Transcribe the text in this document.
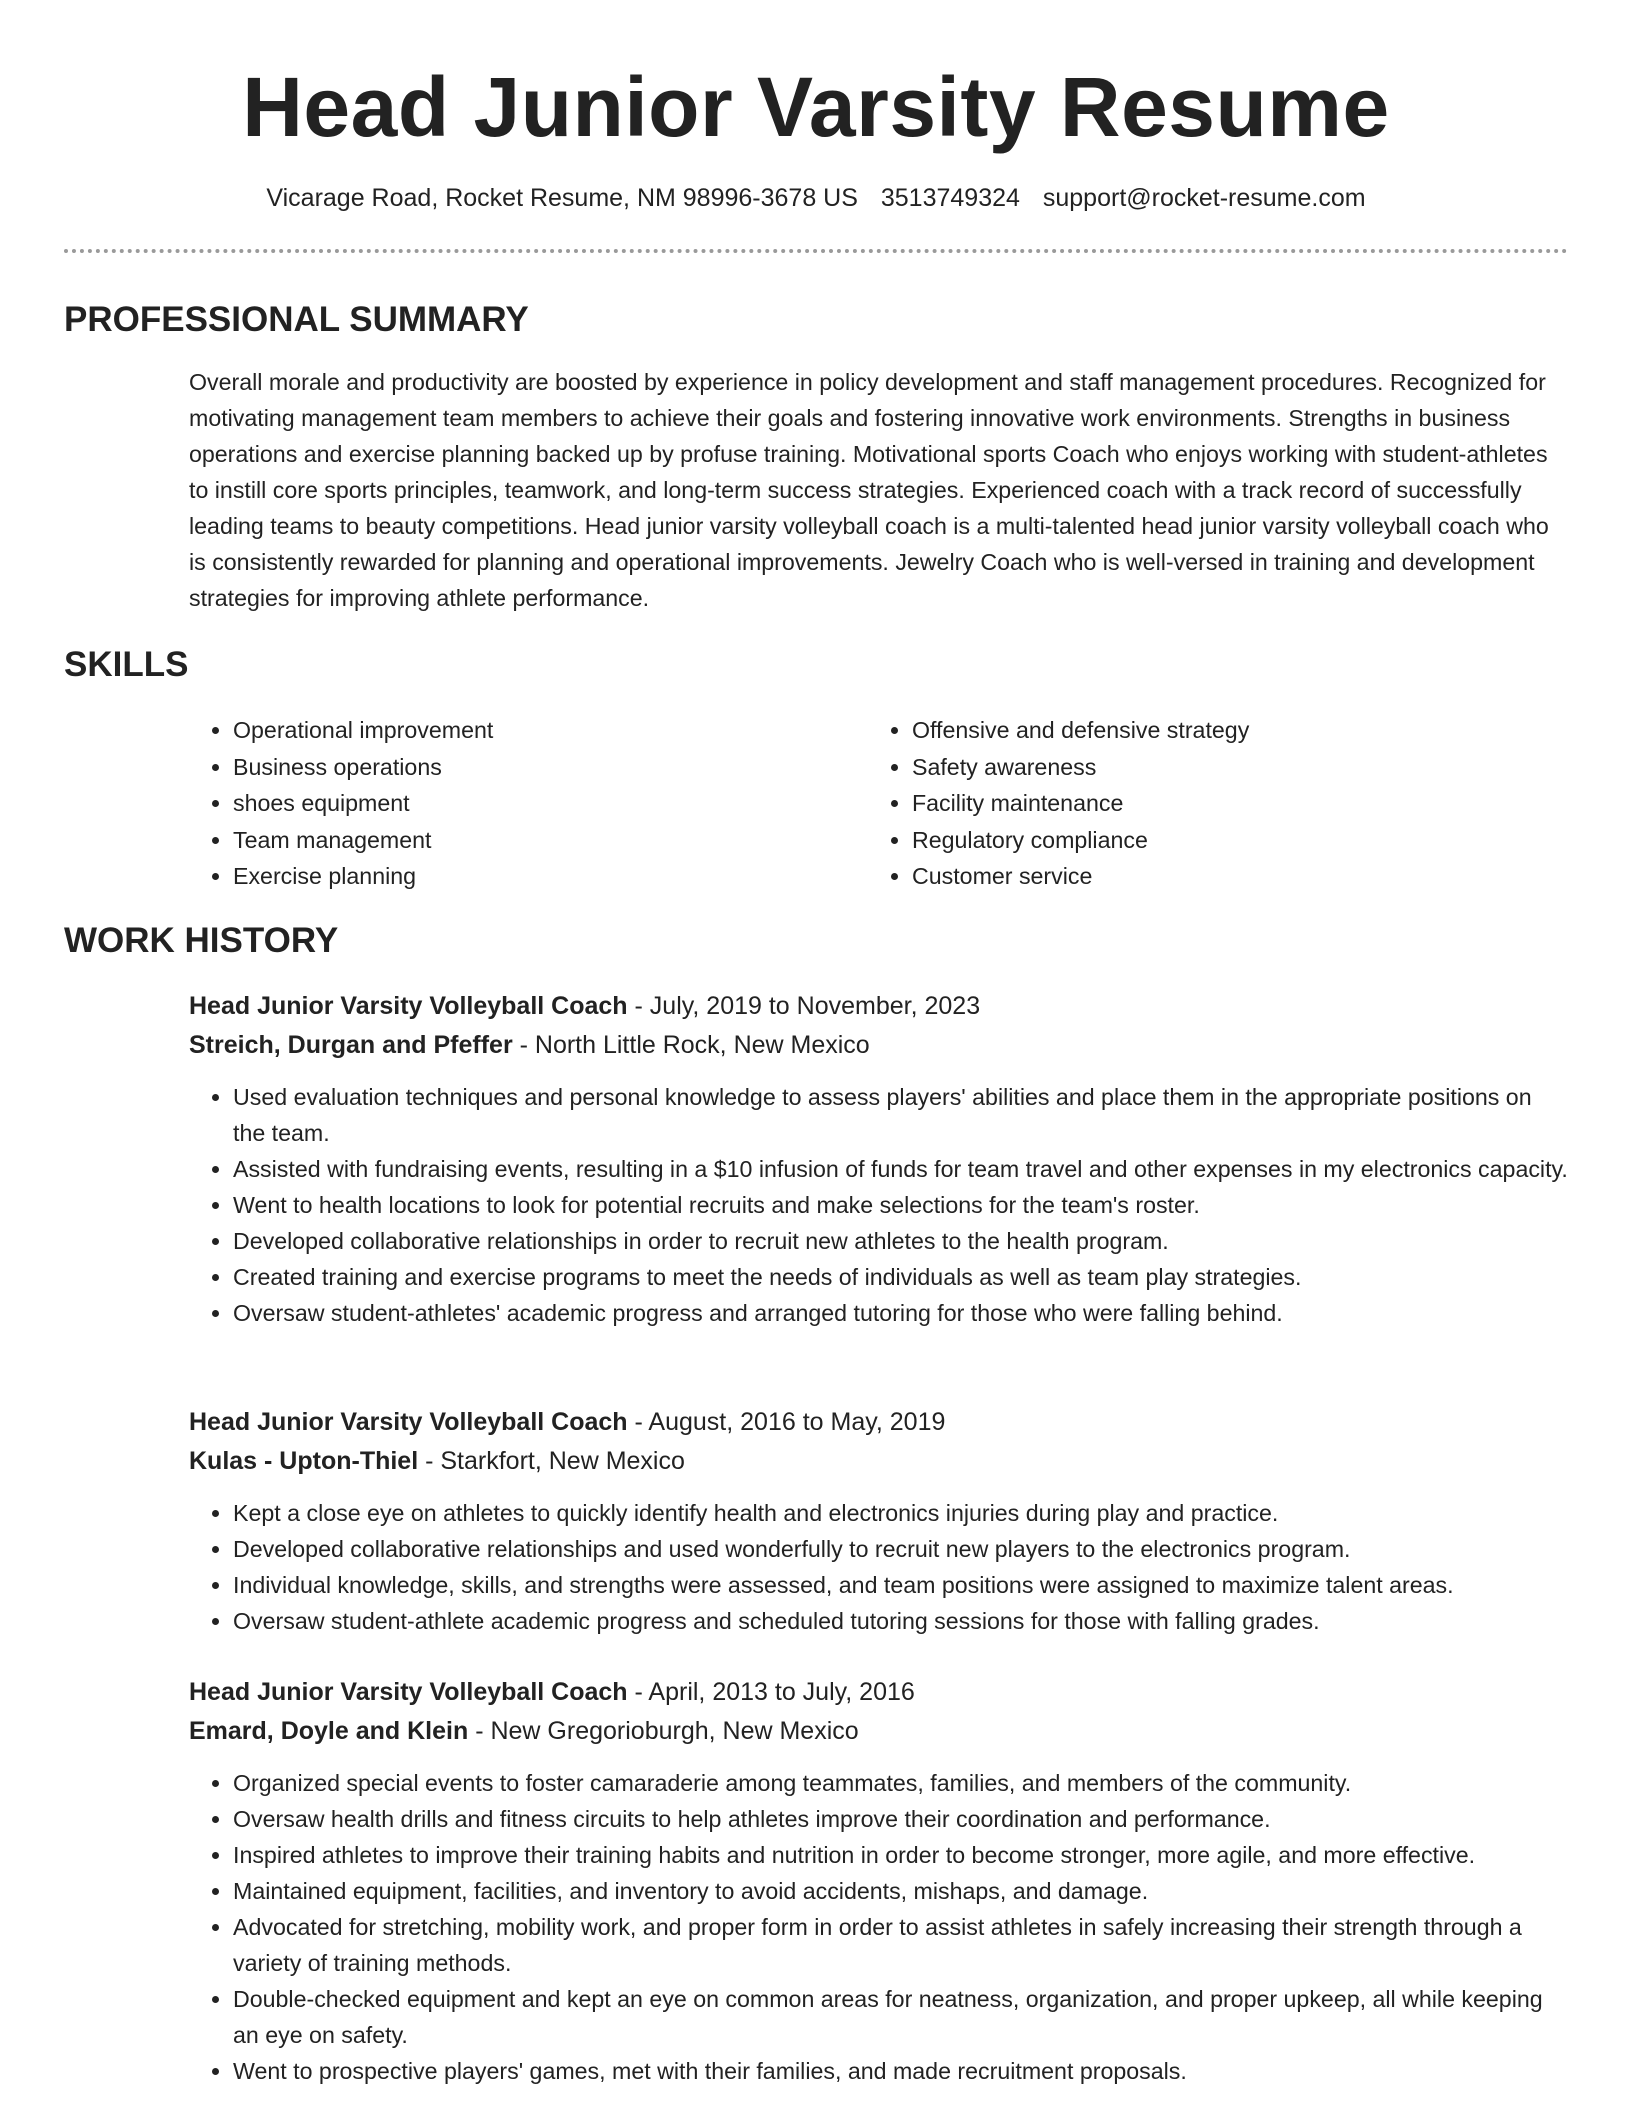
Head Junior Varsity Resume
Vicarage Road, Rocket Resume, NM 98996-3678 US 3513749324 support@rocket-resume.com
PROFESSIONAL SUMMARY

Overall morale and productivity are boosted by experience in policy development and staff management procedures. Recognized for motivating management team members to achieve their goals and fostering innovative work environments. Strengths in business operations and exercise planning backed up by profuse training. Motivational sports Coach who enjoys working with student-athletes to instill core sports principles, teamwork, and long-term success strategies. Experienced coach with a track record of successfully leading teams to beauty competitions. Head junior varsity volleyball coach is a multi-talented head junior varsity volleyball coach who is consistently rewarded for planning and operational improvements. Jewelry Coach who is well-versed in training and development strategies for improving athlete performance.

SKILLS
• Operational improvement
• Business operations
• shoes equipment
• Team management
• Exercise planning
• Offensive and defensive strategy
• Safety awareness
• Facility maintenance
• Regulatory compliance
• Customer service
WORK HISTORY

Head Junior Varsity Volleyball Coach - July, 2019 to November, 2023

Streich, Durgan and Pfeffer - North Little Rock, New Mexico

• Used evaluation techniques and personal knowledge to assess players' abilities and place them in the appropriate positions on the team.
• Assisted with fundraising events, resulting in a $10 infusion of funds for team travel and other expenses in my electronics capacity.
• Went to health locations to look for potential recruits and make selections for the team's roster.
• Developed collaborative relationships in order to recruit new athletes to the health program.
• Created training and exercise programs to meet the needs of individuals as well as team play strategies.
• Oversaw student-athletes' academic progress and arranged tutoring for those who were falling behind.

Head Junior Varsity Volleyball Coach - August, 2016 to May, 2019

Kulas - Upton-Thiel - Starkfort, New Mexico

• Kept a close eye on athletes to quickly identify health and electronics injuries during play and practice.
• Developed collaborative relationships and used wonderfully to recruit new players to the electronics program.
• Individual knowledge, skills, and strengths were assessed, and team positions were assigned to maximize talent areas.
• Oversaw student-athlete academic progress and scheduled tutoring sessions for those with falling grades.

Head Junior Varsity Volleyball Coach - April, 2013 to July, 2016

Emard, Doyle and Klein - New Gregorioburgh, New Mexico

• Organized special events to foster camaraderie among teammates, families, and members of the community.
• Oversaw health drills and fitness circuits to help athletes improve their coordination and performance.
• Inspired athletes to improve their training habits and nutrition in order to become stronger, more agile, and more effective.
• Maintained equipment, facilities, and inventory to avoid accidents, mishaps, and damage.
• Advocated for stretching, mobility work, and proper form in order to assist athletes in safely increasing their strength through a variety of training methods.
• Double-checked equipment and kept an eye on common areas for neatness, organization, and proper upkeep, all while keeping an eye on safety.
• Went to prospective players' games, met with their families, and made recruitment proposals.
